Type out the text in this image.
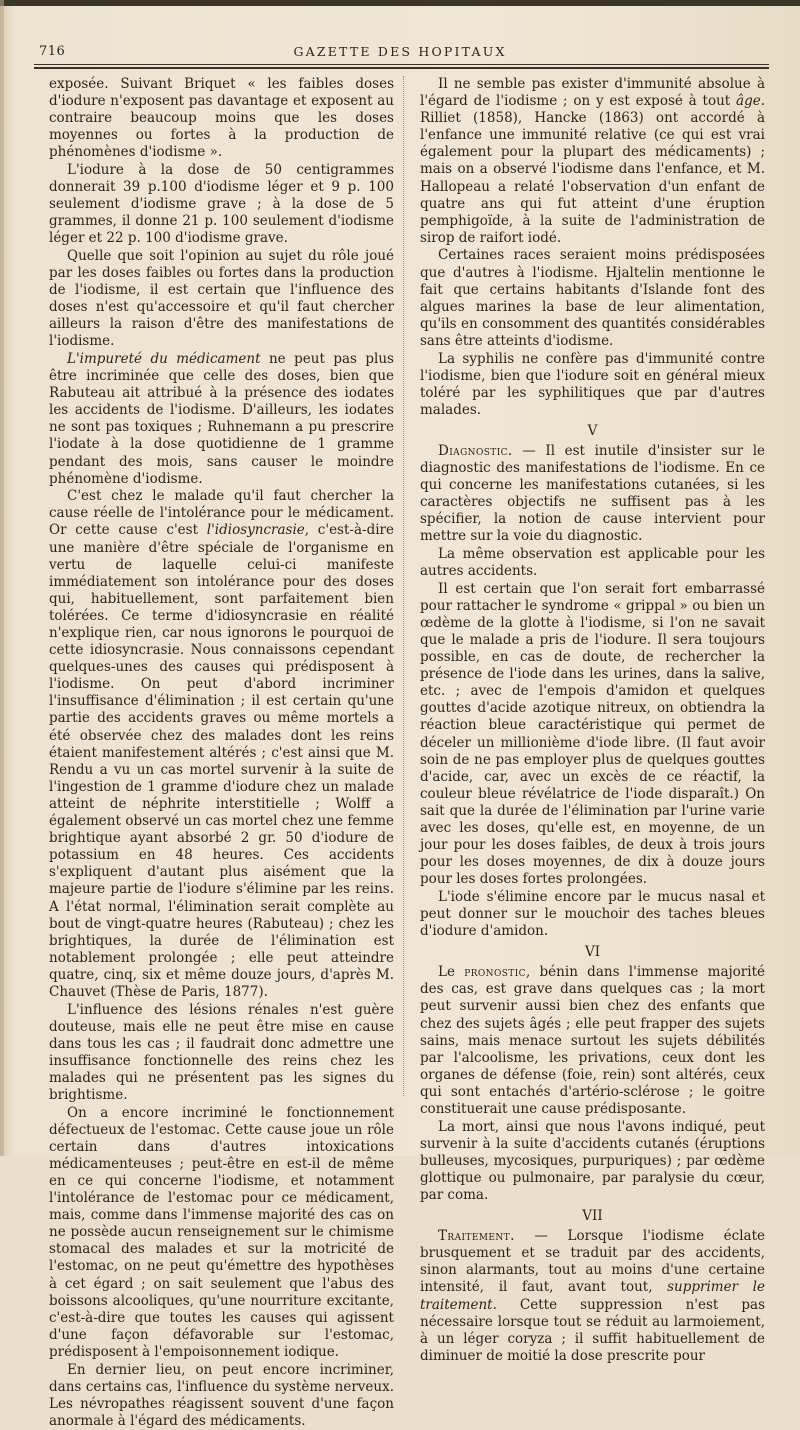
716	GAZETTE DES HOPITAUX

exposée. Suivant Briquet « les faibles doses d'iodure n'exposent pas davantage et exposent au contraire beaucoup moins que les doses moyennes ou fortes à la production de phénomènes d'iodisme ».

L'iodure à la dose de 50 centigrammes donnerait 39 p.100 d'iodisme léger et 9 p. 100 seulement d'iodisme grave ; à la dose de 5 grammes, il donne 21 p. 100 seulement d'iodisme léger et 22 p. 100 d'iodisme grave.

Quelle que soit l'opinion au sujet du rôle joué par les doses faibles ou fortes dans la production de l'iodisme, il est certain que l'influence des doses n'est qu'accessoire et qu'il faut chercher ailleurs la raison d'être des manifestations de l'iodisme.

L'impureté du médicament ne peut pas plus être incriminée que celle des doses, bien que Rabuteau ait attribué à la présence des iodates les accidents de l'iodisme. D'ailleurs, les iodates ne sont pas toxiques ; Ruhnemann a pu prescrire l'iodate à la dose quotidienne de 1 gramme pendant des mois, sans causer le moindre phénomène d'iodisme.

C'est chez le malade qu'il faut chercher la cause réelle de l'intolérance pour le médicament. Or cette cause c'est l'idiosyncrasie, c'est-à-dire une manière d'être spéciale de l'organisme en vertu de laquelle celui-ci manifeste immédiatement son intolérance pour des doses qui, habituellement, sont parfaitement bien tolérées. Ce terme d'idiosyncrasie en réalité n'explique rien, car nous ignorons le pourquoi de cette idiosyncrasie. Nous connaissons cependant quelques-unes des causes qui prédisposent à l'iodisme. On peut d'abord incriminer l'insuffisance d'élimination ; il est certain qu'une partie des accidents graves ou même mortels a été observée chez des malades dont les reins étaient manifestement altérés ; c'est ainsi que M. Rendu a vu un cas mortel survenir à la suite de l'ingestion de 1 gramme d'iodure chez un malade atteint de néphrite interstitielle ; Wolff a également observé un cas mortel chez une femme brightique ayant absorbé 2 gr. 50 d'iodure de potassium en 48 heures. Ces accidents s'expliquent d'autant plus aisément que la majeure partie de l'iodure s'élimine par les reins. A l'état normal, l'élimination serait complète au bout de vingt-quatre heures (Rabuteau) ; chez les brightiques, la durée de l'élimination est notablement prolongée ; elle peut atteindre quatre, cinq, six et même douze jours, d'après M. Chauvet (Thèse de Paris, 1877).

L'influence des lésions rénales n'est guère douteuse, mais elle ne peut être mise en cause dans tous les cas ; il faudrait donc admettre une insuffisance fonctionnelle des reins chez les malades qui ne présentent pas les signes du brightisme.

On a encore incriminé le fonctionnement défectueux de l'estomac. Cette cause joue un rôle certain dans d'autres intoxications médicamenteuses ; peut-être en est-il de même en ce qui concerne l'iodisme, et notamment l'intolérance de l'estomac pour ce médicament, mais, comme dans l'immense majorité des cas on ne possède aucun renseignement sur le chimisme stomacal des malades et sur la motricité de l'estomac, on ne peut qu'émettre des hypothèses à cet égard ; on sait seulement que l'abus des boissons alcooliques, qu'une nourriture excitante, c'est-à-dire que toutes les causes qui agissent d'une façon défavorable sur l'estomac, prédisposent à l'empoisonnement iodique.

En dernier lieu, on peut encore incriminer, dans certains cas, l'influence du système nerveux. Les névropathes réagissent souvent d'une façon anormale à l'égard des médicaments.

Il ne semble pas exister d'immunité absolue à l'égard de l'iodisme ; on y est exposé à tout âge. Rilliet (1858), Hancke (1863) ont accordé à l'enfance une immunité relative (ce qui est vrai également pour la plupart des médicaments) ; mais on a observé l'iodisme dans l'enfance, et M. Hallopeau a relaté l'observation d'un enfant de quatre ans qui fut atteint d'une éruption pemphigoïde, à la suite de l'administration de sirop de raifort iodé.

Certaines races seraient moins prédisposées que d'autres à l'iodisme. Hjaltelin mentionne le fait que certains habitants d'Islande font des algues marines la base de leur alimentation, qu'ils en consomment des quantités considérables sans être atteints d'iodisme.

La syphilis ne confère pas d'immunité contre l'iodisme, bien que l'iodure soit en général mieux toléré par les syphilitiques que par d'autres malades.

V

Diagnostic. — Il est inutile d'insister sur le diagnostic des manifestations de l'iodisme. En ce qui concerne les manifestations cutanées, si les caractères objectifs ne suffisent pas à les spécifier, la notion de cause intervient pour mettre sur la voie du diagnostic.

La même observation est applicable pour les autres accidents.

Il est certain que l'on serait fort embarrassé pour rattacher le syndrome « grippal » ou bien un œdème de la glotte à l'iodisme, si l'on ne savait que le malade a pris de l'iodure. Il sera toujours possible, en cas de doute, de rechercher la présence de l'iode dans les urines, dans la salive, etc. ; avec de l'empois d'amidon et quelques gouttes d'acide azotique nitreux, on obtiendra la réaction bleue caractéristique qui permet de déceler un millionième d'iode libre. (Il faut avoir soin de ne pas employer plus de quelques gouttes d'acide, car, avec un excès de ce réactif, la couleur bleue révélatrice de l'iode disparaît.) On sait que la durée de l'élimination par l'urine varie avec les doses, qu'elle est, en moyenne, de un jour pour les doses faibles, de deux à trois jours pour les doses moyennes, de dix à douze jours pour les doses fortes prolongées.

L'iode s'élimine encore par le mucus nasal et peut donner sur le mouchoir des taches bleues d'iodure d'amidon.

VI

Le pronostic, bénin dans l'immense majorité des cas, est grave dans quelques cas ; la mort peut survenir aussi bien chez des enfants que chez des sujets âgés ; elle peut frapper des sujets sains, mais menace surtout les sujets débilités par l'alcoolisme, les privations, ceux dont les organes de défense (foie, rein) sont altérés, ceux qui sont entachés d'artério-sclérose ; le goitre constituerait une cause prédisposante.

La mort, ainsi que nous l'avons indiqué, peut survenir à la suite d'accidents cutanés (éruptions bulleuses, mycosiques, purpuriques) ; par œdème glottique ou pulmonaire, par paralysie du cœur, par coma.

VII

Traitement. — Lorsque l'iodisme éclate brusquement et se traduit par des accidents, sinon alarmants, tout au moins d'une certaine intensité, il faut, avant tout, supprimer le traitement. Cette suppression n'est pas nécessaire lorsque tout se réduit au larmoiement, à un léger coryza ; il suffit habituellement de diminuer de moitié la dose prescrite pour
